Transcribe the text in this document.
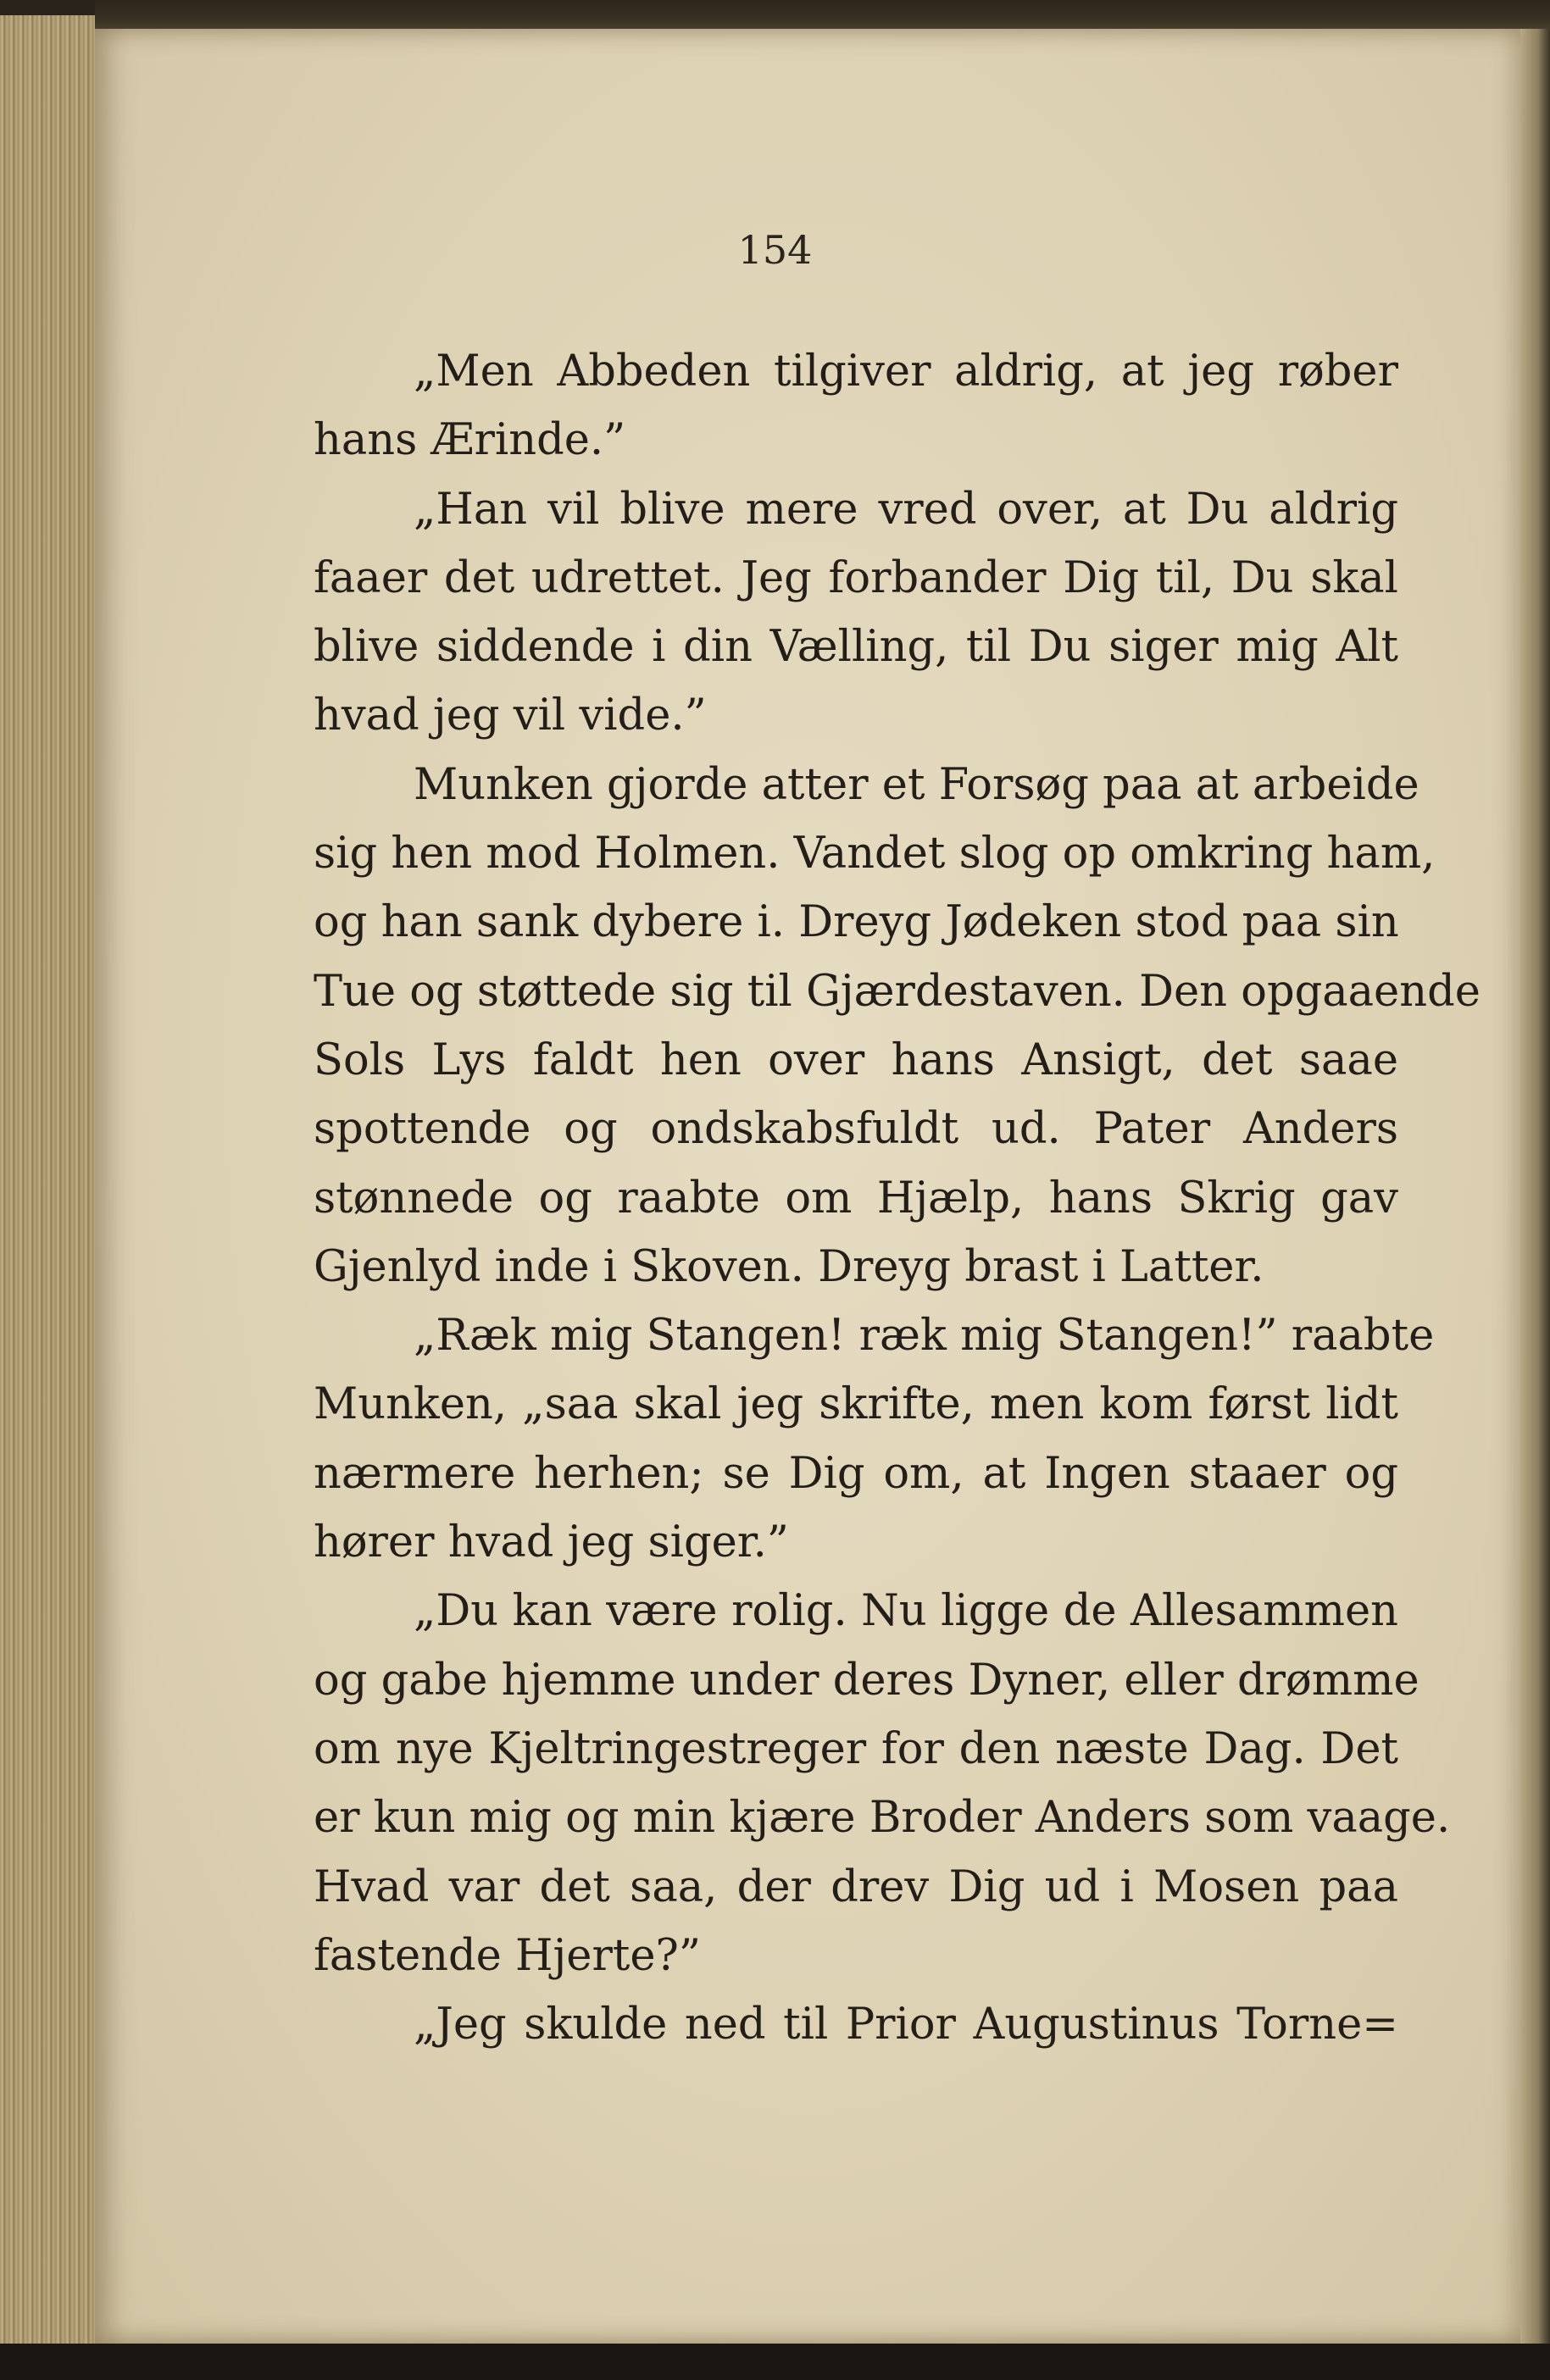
154

„Men Abbeden tilgiver aldrig, at jeg røber
hans Ærinde.”
„Han vil blive mere vred over, at Du aldrig
faaer det udrettet. Jeg forbander Dig til, Du skal
blive siddende i din Vælling, til Du siger mig Alt
hvad jeg vil vide.”
Munken gjorde atter et Forsøg paa at arbeide
sig hen mod Holmen. Vandet slog op omkring ham,
og han sank dybere i. Dreyg Jødeken stod paa sin
Tue og støttede sig til Gjærdestaven. Den opgaaende
Sols Lys faldt hen over hans Ansigt, det saae
spottende og ondskabsfuldt ud. Pater Anders
stønnede og raabte om Hjælp, hans Skrig gav
Gjenlyd inde i Skoven. Dreyg brast i Latter.
„Ræk mig Stangen! ræk mig Stangen!” raabte
Munken, „saa skal jeg skrifte, men kom først lidt
nærmere herhen; se Dig om, at Ingen staaer og
hører hvad jeg siger.”
„Du kan være rolig. Nu ligge de Allesammen
og gabe hjemme under deres Dyner, eller drømme
om nye Kjeltringestreger for den næste Dag. Det
er kun mig og min kjære Broder Anders som vaage.
Hvad var det saa, der drev Dig ud i Mosen paa
fastende Hjerte?”
„Jeg skulde ned til Prior Augustinus Torne=
